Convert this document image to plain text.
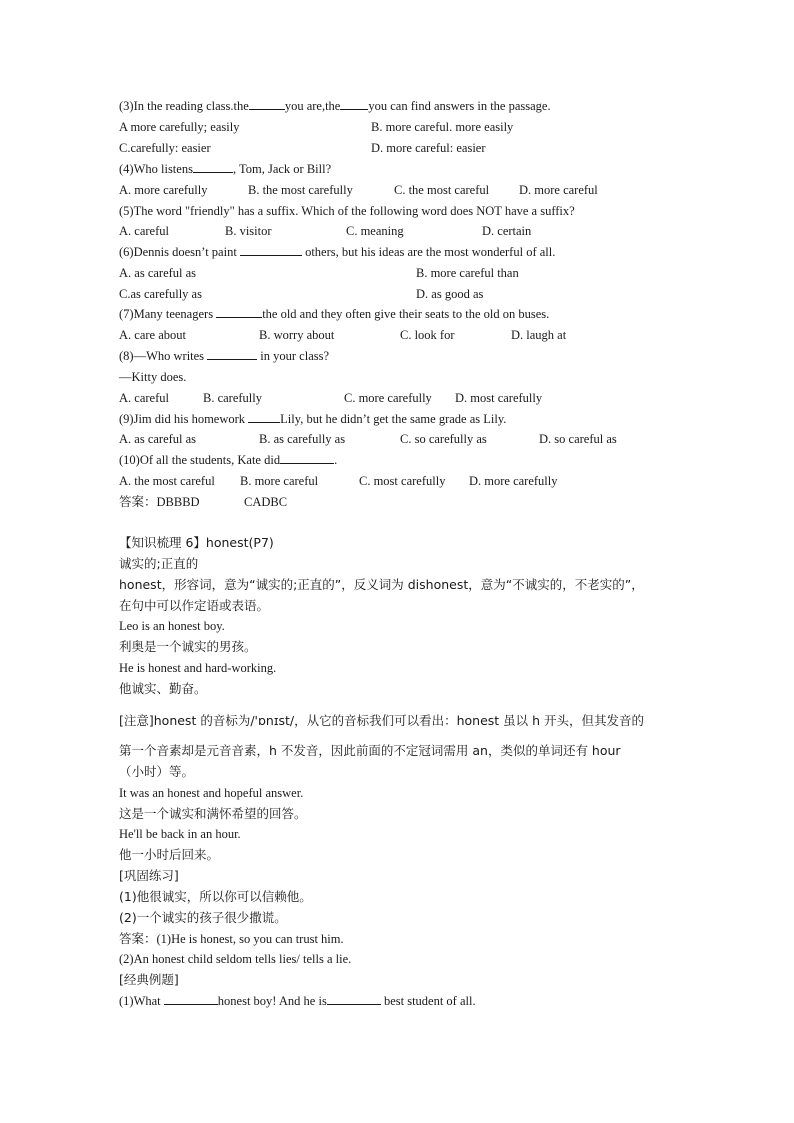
(3)In the reading class.the	you are,the you can find answers in the passage.
A more carefully; easily	B. more careful. more easily
C.carefully: easier	D. more careful: easier
(4)Who listens	, Tom, Jack or Bill?
A. more carefully	B. the most carefully	C. the most careful D. more careful
(5)The word "friendly" has a suffix. Which of the following word does NOT have a suffix?
A. careful	B. visitor	C. meaning	D. certain
(6)Dennis doesn’t paint	others, but his ideas are the most wonderful of all.
A. as careful as	B. more careful than
C.as carefully as	D. as good as
(7)Many teenagers	the old and they often give their seats to the old on buses.
A. care about	B. worry about	C. look for	D. laugh at
(8)—Who writes	in your class?
—Kitty does.
A. careful	B. carefully	C. more carefully D. most carefully
(9)Jim did his homework	Lily, but he didn’t get the same grade as Lily.
A. as careful as	B. as carefully as	C. so carefully as	D. so careful as
(10)Of all the students, Kate did	.
A. the most careful B. more careful	C. most carefully D. more carefully
答案：DBBBD	CADBC
【知识梳理 6】honest(P7)
诚实的;正直的
honest，形容词，意为“诚实的;正直的”，反义词为 dishonest，意为“不诚实的，不老实的”，
在句中可以作定语或表语。
Leo is an honest boy.
利奥是一个诚实的男孩。
He is honest and hard-working.
他诚实、勤奋。
[注意]honest 的音标为/'ɒnɪst/，从它的音标我们可以看出：honest 虽以 h 开头，但其发音的
第一个音素却是元音音素，h 不发音，因此前面的不定冠词需用 an，类似的单词还有 hour
（小时）等。
It was an honest and hopeful answer.
这是一个诚实和满怀希望的回答。
He'll be back in an hour.
他一小时后回来。
[巩固练习]
(1)他很诚实，所以你可以信赖他。
(2)一个诚实的孩子很少撒谎。
答案：(1)He is honest, so you can trust him.
(2)An honest child seldom tells lies/ tells a lie.
[经典例题]
(1)What	honest boy! And he is	best student of all.
